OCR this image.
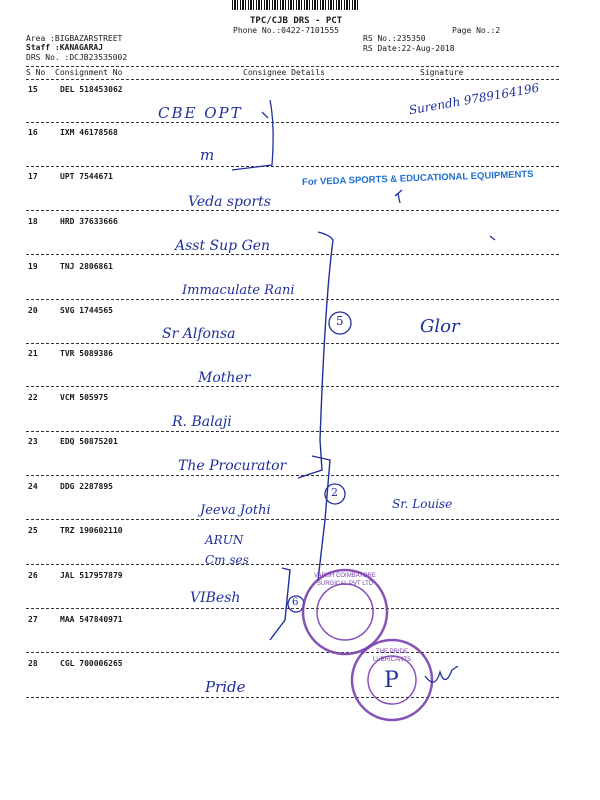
TPC/CJB DRS - PCT
Phone No.:0422-7101555	Page No.:2
Area :BIGBAZARSTREET
Staff :KANAGARAJ
DRS No. :DCJB23535002
RS No.:235350
RS Date:22-Aug-2018
S No Consignment No	Consignee Details	Signature
15	DEL 518453062
CBE OPT	Surendh 9789164196
16	IXM 46178568
m
17	UPT 7544671
Veda sports
For VEDA SPORTS & EDUCATIONAL EQUIPMENTS
18	HRD 37633666
Asst Sup Gen
19	TNJ 2806861
Immaculate Rani
20	SVG 1744565
Sr Alfonsa	Glor
21	TVR 5089386
Mother
22	VCM 505975
R. Balaji
23	EDQ 50875201
The Procurator
24	DDG 2287895
Jeeva Jothi	Sr. Louise
25	TRZ 190602110
ARUN Cm ses
26	JAL 517957879
VIBesh
27	MAA 547840971
28	CGL 700006265
Pride
5
2
6
VARSH COIMBATORE SURGICAL PVT LTD
THE PRIDE LUBRICANTS
P
